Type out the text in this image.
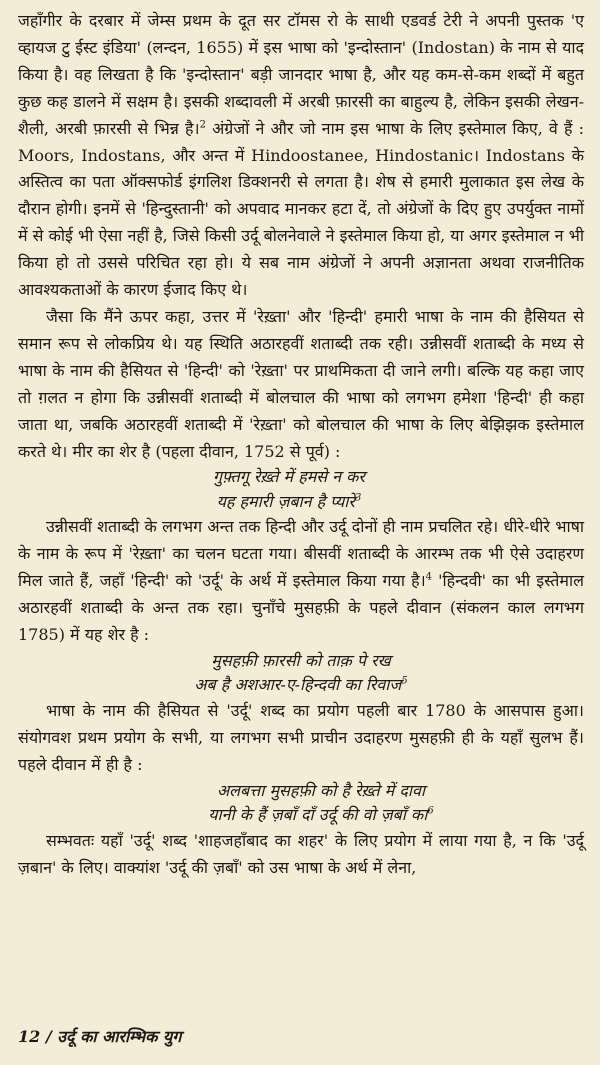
जहाँगीर के दरबार में जेम्स प्रथम के दूत सर टॉमस रो के साथी एडवर्ड टेरी ने अपनी पुस्तक 'ए व्हायज टु ईस्ट इंडिया' (लन्दन, 1655) में इस भाषा को 'इन्दोस्तान' (Indostan) के नाम से याद किया है। वह लिखता है कि 'इन्दोस्तान' बड़ी जानदार भाषा है, और यह कम-से-कम शब्दों में बहुत कुछ कह डालने में सक्षम है। इसकी शब्दावली में अरबी फ़ारसी का बाहुल्य है, लेकिन इसकी लेखन-शैली, अरबी फ़ारसी से भिन्न है।$^2$ अंग्रेजों ने और जो नाम इस भाषा के लिए इस्तेमाल किए, वे हैं : Moors, Indostans, और अन्त में Hindoostanee, Hindostanic। Indostans के अस्तित्व का पता ऑक्सफोर्ड इंगलिश डिक्शनरी से लगता है। शेष से हमारी मुलाकात इस लेख के दौरान होगी। इनमें से 'हिन्दुस्तानी' को अपवाद मानकर हटा दें, तो अंग्रेजों के दिए हुए उपर्युक्त नामों में से कोई भी ऐसा नहीं है, जिसे किसी उर्दू बोलनेवाले ने इस्तेमाल किया हो, या अगर इस्तेमाल न भी किया हो तो उससे परिचित रहा हो। ये सब नाम अंग्रेजों ने अपनी अज्ञानता अथवा राजनीतिक आवश्यकताओं के कारण ईजाद किए थे।

जैसा कि मैंने ऊपर कहा, उत्तर में 'रेख़्ता' और 'हिन्दी' हमारी भाषा के नाम की हैसियत से समान रूप से लोकप्रिय थे। यह स्थिति अठारहवीं शताब्दी तक रही। उन्नीसवीं शताब्दी के मध्य से भाषा के नाम की हैसियत से 'हिन्दी' को 'रेख़्ता' पर प्राथमिकता दी जाने लगी। बल्कि यह कहा जाए तो ग़लत न होगा कि उन्नीसवीं शताब्दी में बोलचाल की भाषा को लगभग हमेशा 'हिन्दी' ही कहा जाता था, जबकि अठारहवीं शताब्दी में 'रेख़्ता' को बोलचाल की भाषा के लिए बेझिझक इस्तेमाल करते थे। मीर का शेर है (पहला दीवान, 1752 से पूर्व) :

गुफ़्तगू रेख़्ते में हमसे न कर
यह हमारी ज़बान है प्यारे$^3$

उन्नीसवीं शताब्दी के लगभग अन्त तक हिन्दी और उर्दू दोनों ही नाम प्रचलित रहे। धीरे-धीरे भाषा के नाम के रूप में 'रेख़्ता' का चलन घटता गया। बीसवीं शताब्दी के आरम्भ तक भी ऐसे उदाहरण मिल जाते हैं, जहाँ 'हिन्दी' को 'उर्दू' के अर्थ में इस्तेमाल किया गया है।$^4$ 'हिन्दवी' का भी इस्तेमाल अठारहवीं शताब्दी के अन्त तक रहा। चुनाँचे मुसहफ़ी के पहले दीवान (संकलन काल लगभग 1785) में यह शेर है :

मुसहफ़ी फ़ारसी को ताक़ पे रख
अब है अशआर-ए-हिन्दवी का रिवाज$^5$

भाषा के नाम की हैसियत से 'उर्दू' शब्द का प्रयोग पहली बार 1780 के आसपास हुआ। संयोगवश प्रथम प्रयोग के सभी, या लगभग सभी प्राचीन उदाहरण मुसहफ़ी ही के यहाँ सुलभ हैं। पहले दीवान में ही है :

अलबत्ता मुसहफ़ी को है रेख़्ते में दावा
यानी के हैं ज़बाँ दाँ उर्दू की वो ज़बाँ का$^6$

सम्भवतः यहाँ 'उर्दू' शब्द 'शाहजहाँबाद का शहर' के लिए प्रयोग में लाया गया है, न कि 'उर्दू ज़बान' के लिए। वाक्यांश 'उर्दू की ज़बाँ' को उस भाषा के अर्थ में लेना,

12 / उर्दू का आरम्भिक युग
